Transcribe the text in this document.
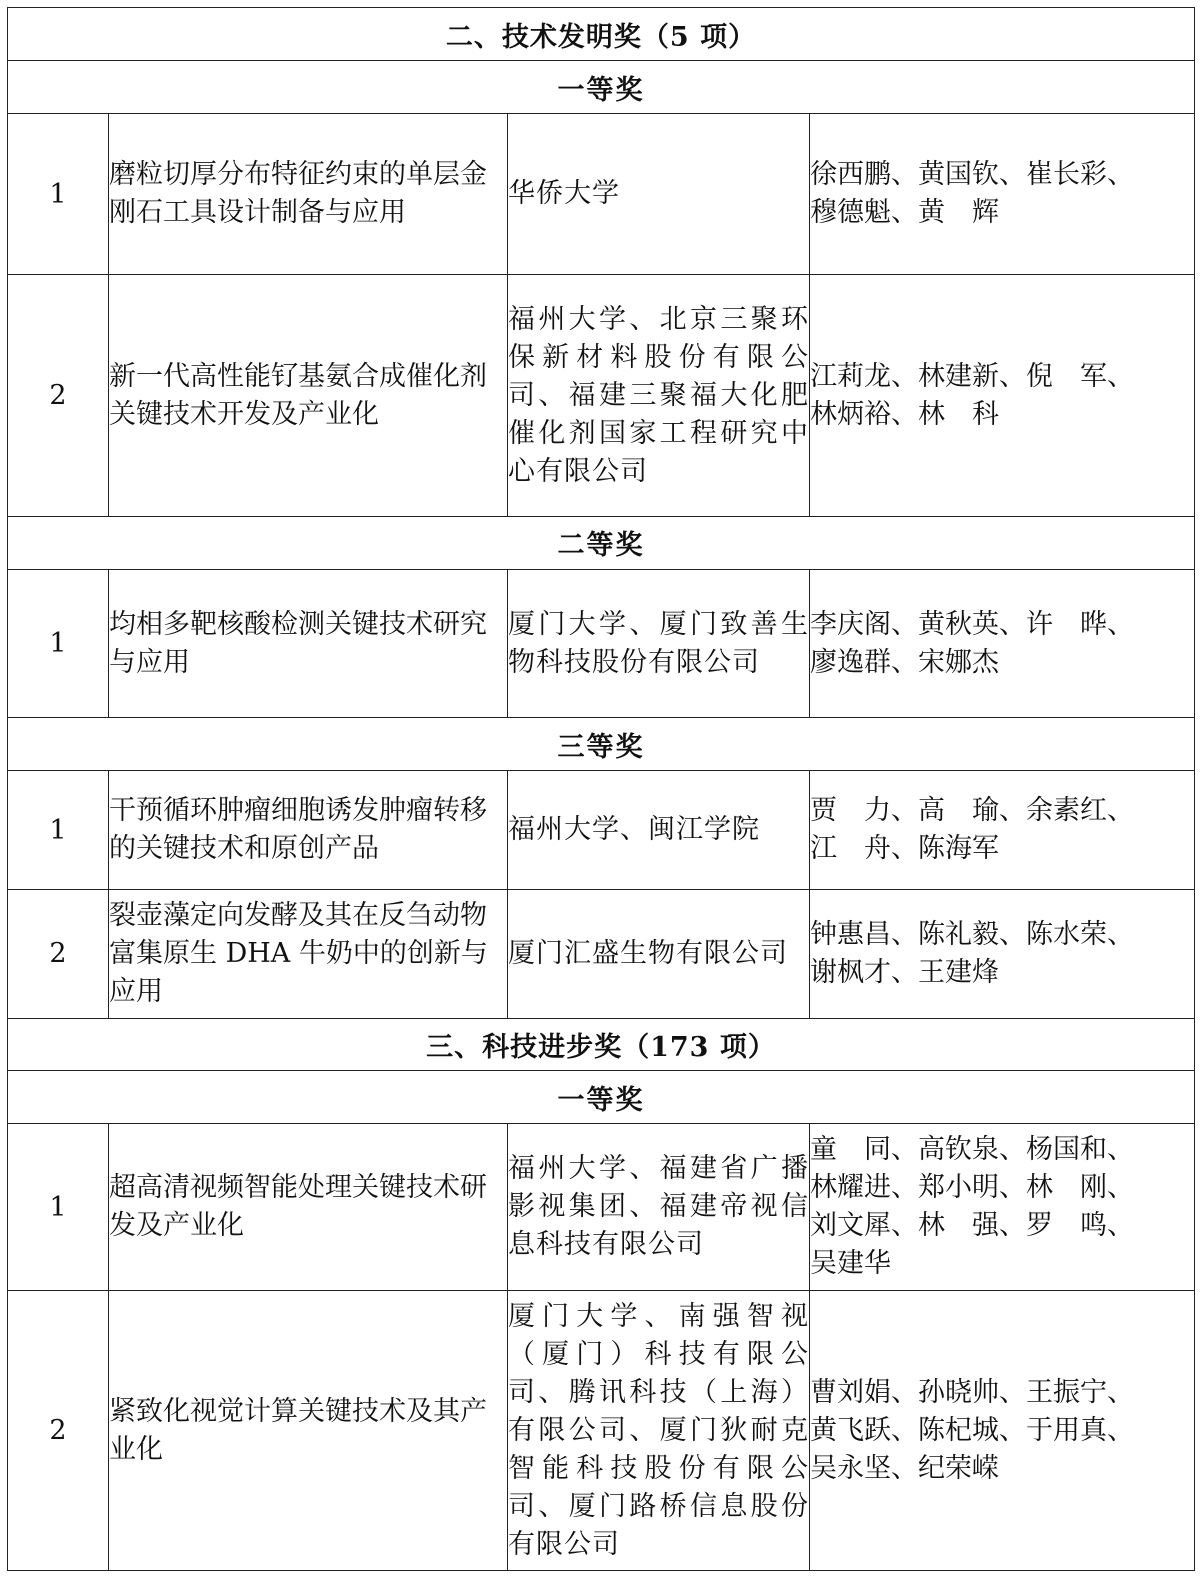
二、技术发明奖（5 项）			
一等奖			
1	磨粒切厚分布特征约束的单层金刚石工具设计制备与应用	华侨大学	徐西鹏、黄国钦、崔长彩、
穆德魁、黄　辉

2	新一代高性能钌基氨合成催化剂关键技术开发及产业化	福州大学、北京三聚环保新材料股份有限公司、福建三聚福大化肥催化剂国家工程研究中心有限公司	江莉龙、林建新、倪　军、
林炳裕、林　科

二等奖			
1	均相多靶核酸检测关键技术研究与应用	厦门大学、厦门致善生物科技股份有限公司	李庆阁、黄秋英、许　晔、
廖逸群、宋娜杰

三等奖			
1	干预循环肿瘤细胞诱发肿瘤转移的关键技术和原创产品	福州大学、闽江学院	贾　力、高　瑜、余素红、
江　舟、陈海军

2	裂壶藻定向发酵及其在反刍动物富集原生 DHA 牛奶中的创新与应用	厦门汇盛生物有限公司	钟惠昌、陈礼毅、陈水荣、
谢枫才、王建烽

三、科技进步奖（173 项）			
一等奖			
1	超高清视频智能处理关键技术研发及产业化	福州大学、福建省广播影视集团、福建帝视信息科技有限公司	童　同、高钦泉、杨国和、
林耀进、郑小明、林　刚、
刘文犀、林　强、罗　鸣、
吴建华

2	紧致化视觉计算关键技术及其产业化	厦门大学、南强智视（厦门）科技有限公司、腾讯科技（上海）有限公司、厦门狄耐克智能科技股份有限公司、厦门路桥信息股份有限公司	曹刘娟、孙晓帅、王振宁、
黄飞跃、陈杞城、于用真、
吴永坚、纪荣嵘
